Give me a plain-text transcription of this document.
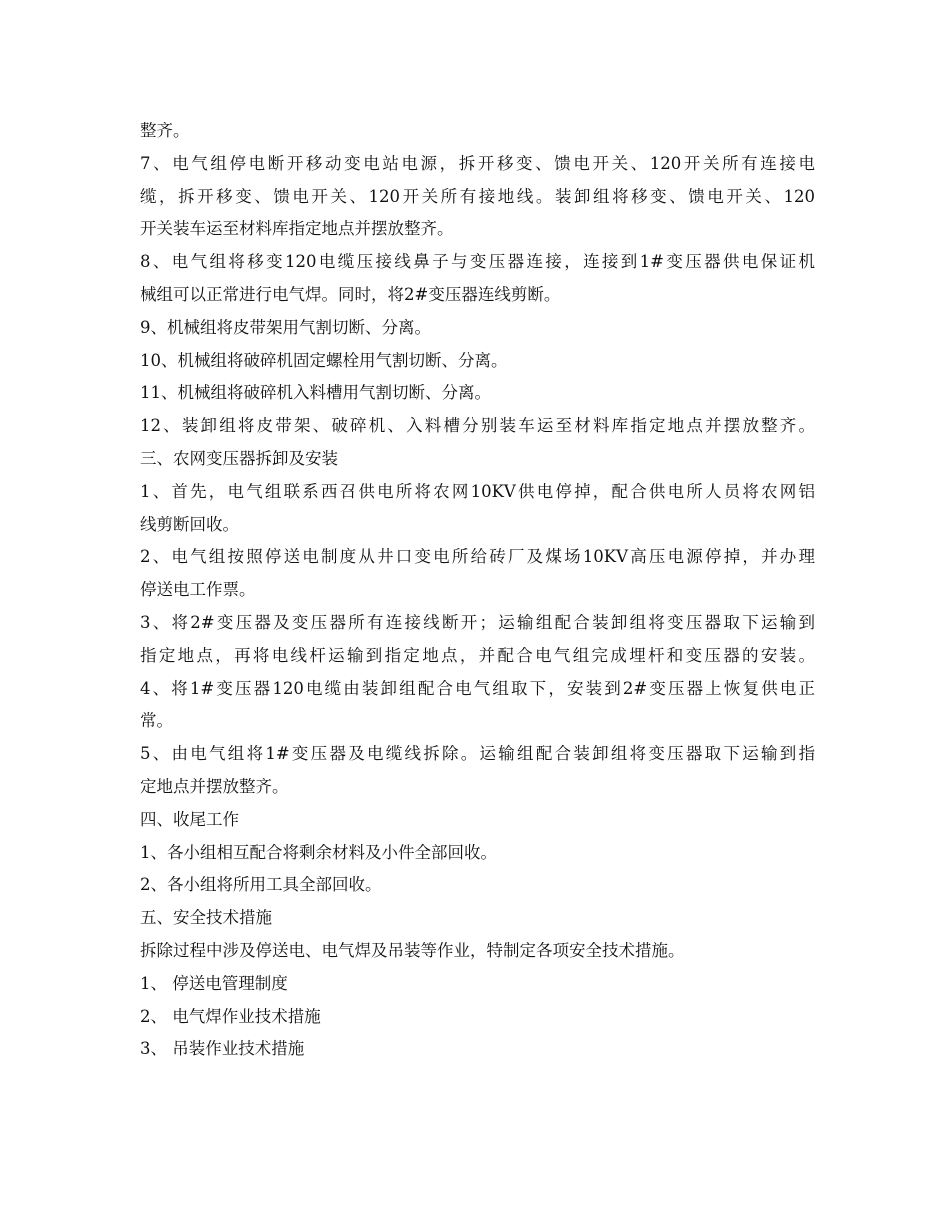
整齐。
7、电气组停电断开移动变电站电源，拆开移变、馈电开关、120开关所有连接电
缆，拆开移变、馈电开关、120开关所有接地线。装卸组将移变、馈电开关、120
开关装车运至材料库指定地点并摆放整齐。
8、电气组将移变120电缆压接线鼻子与变压器连接，连接到1#变压器供电保证机
械组可以正常进行电气焊。同时，将2#变压器连线剪断。
9、机械组将皮带架用气割切断、分离。
10、机械组将破碎机固定螺栓用气割切断、分离。
11、机械组将破碎机入料槽用气割切断、分离。
12、装卸组将皮带架、破碎机、入料槽分别装车运至材料库指定地点并摆放整齐。
三、农网变压器拆卸及安装
1、首先，电气组联系西召供电所将农网10KV供电停掉，配合供电所人员将农网铝
线剪断回收。
2、电气组按照停送电制度从井口变电所给砖厂及煤场10KV高压电源停掉，并办理
停送电工作票。
3、将2#变压器及变压器所有连接线断开；运输组配合装卸组将变压器取下运输到
指定地点，再将电线杆运输到指定地点，并配合电气组完成埋杆和变压器的安装。
4、将1#变压器120电缆由装卸组配合电气组取下，安装到2#变压器上恢复供电正
常。
5、由电气组将1#变压器及电缆线拆除。运输组配合装卸组将变压器取下运输到指
定地点并摆放整齐。
四、收尾工作
1、各小组相互配合将剩余材料及小件全部回收。
2、各小组将所用工具全部回收。
五、安全技术措施
拆除过程中涉及停送电、电气焊及吊装等作业，特制定各项安全技术措施。
1、 停送电管理制度
2、 电气焊作业技术措施
3、 吊装作业技术措施
